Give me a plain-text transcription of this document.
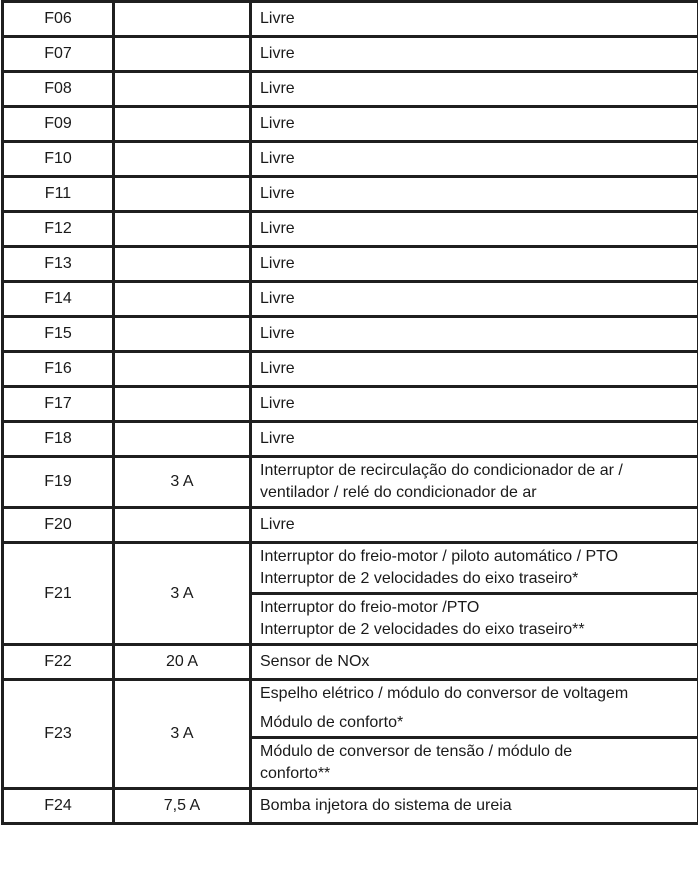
F06		Livre
F07		Livre
F08		Livre
F09		Livre
F10		Livre
F11		Livre
F12		Livre
F13		Livre
F14		Livre
F15		Livre
F16		Livre
F17		Livre
F18		Livre
F19	3 A	Interruptor de recirculação do condicionador de ar /
ventilador / relé do condicionador de ar

F20		Livre
F21	3 A	Interruptor do freio-motor / piloto automático / PTO
Interruptor de 2 velocidades do eixo traseiro*

		Interruptor do freio-motor /PTO
Interruptor de 2 velocidades do eixo traseiro**

F22	20 A	Sensor de NOx
F23	3 A	Espelho elétrico / módulo do conversor de voltagem
Módulo de conforto*

		Módulo de conversor de tensão / módulo de
conforto**

F24	7,5 A	Bomba injetora do sistema de ureia
